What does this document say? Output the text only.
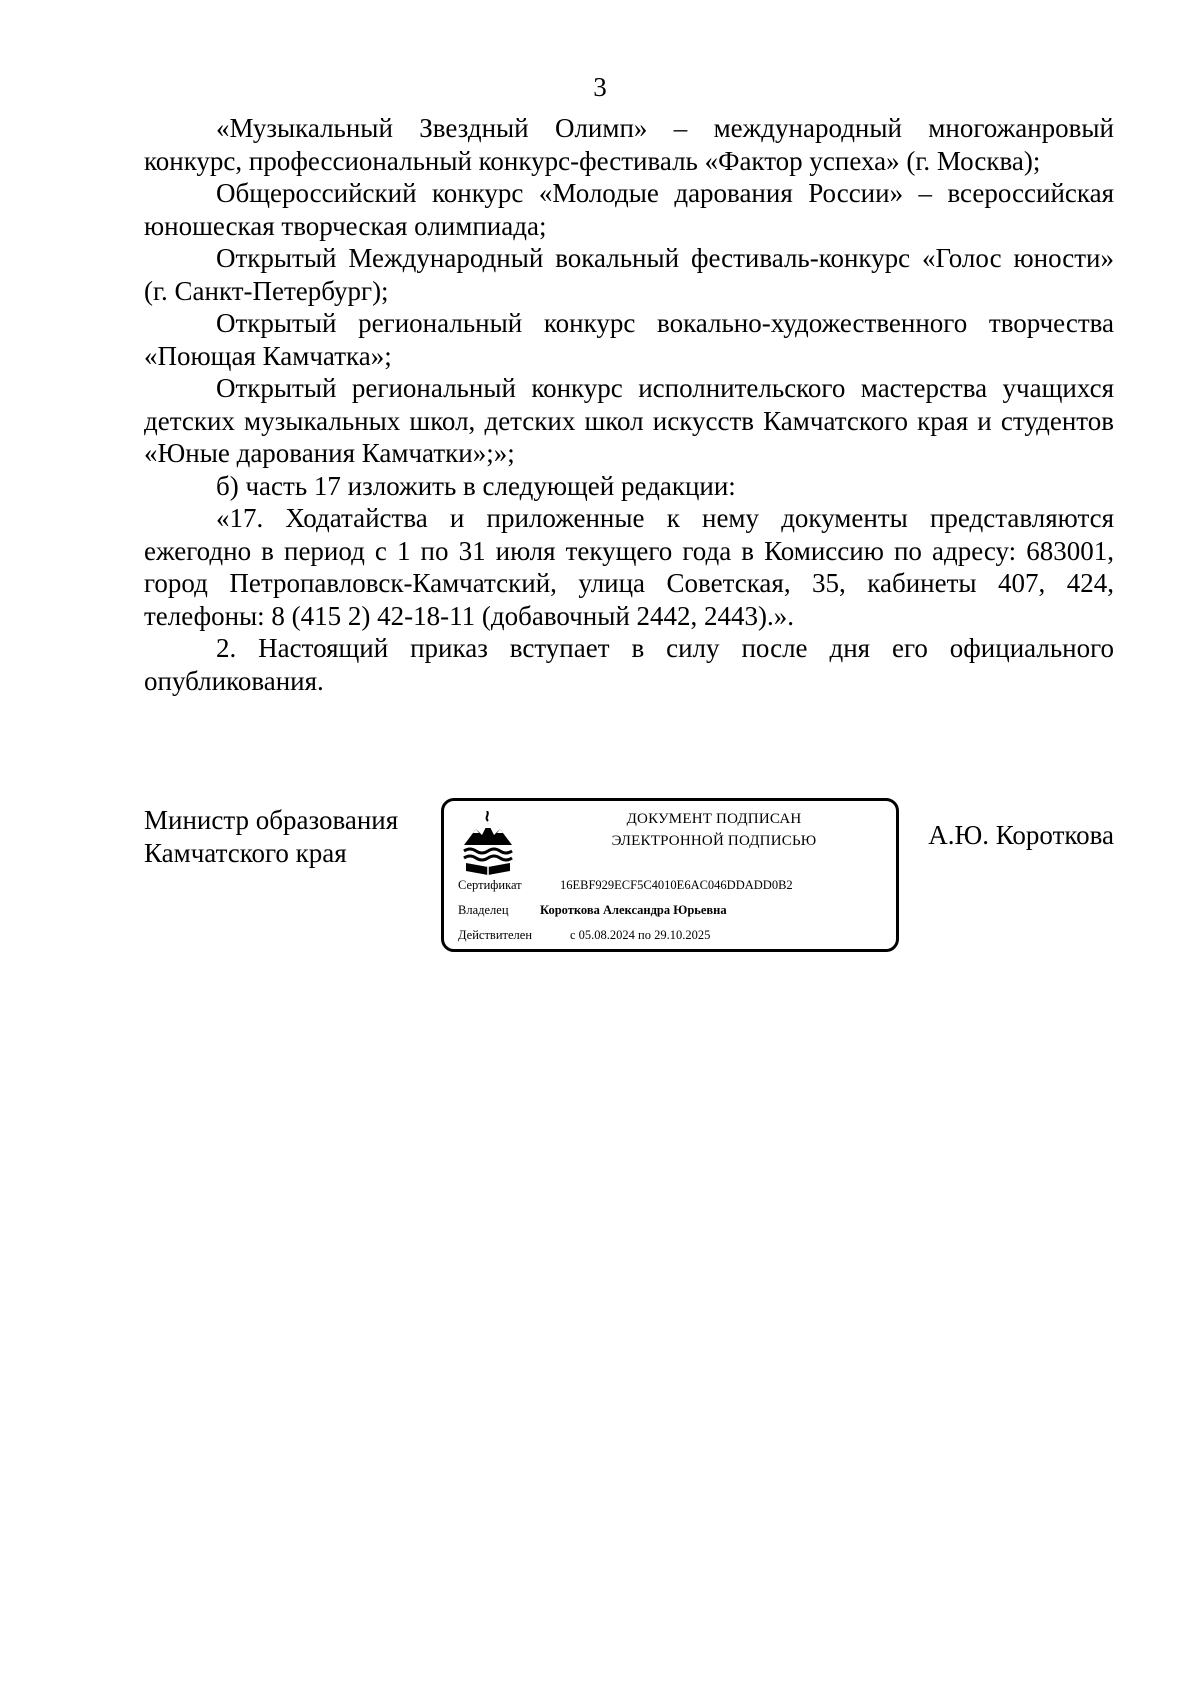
3

«Музыкальный Звездный Олимп» – международный многожанровый конкурс, профессиональный конкурс-фестиваль «Фактор успеха» (г. Москва);

Общероссийский конкурс «Молодые дарования России» – всероссийская юношеская творческая олимпиада;

Открытый Международный вокальный фестиваль-конкурс «Голос юности» (г. Санкт-Петербург);

Открытый региональный конкурс вокально-художественного творчества «Поющая Камчатка»;

Открытый региональный конкурс исполнительского мастерства учащихся детских музыкальных школ, детских школ искусств Камчатского края и студентов «Юные дарования Камчатки»;»;

б) часть 17 изложить в следующей редакции:

«17. Ходатайства и приложенные к нему документы представляются ежегодно в период с 1 по 31 июля текущего года в Комиссию по адресу: 683001, город Петропавловск-Камчатский, улица Советская, 35, кабинеты 407, 424, телефоны: 8 (415 2) 42-18-11 (добавочный 2442, 2443).».

2. Настоящий приказ вступает в силу после дня его официального опубликования.

Министр образования
Камчатского края
ДОКУМЕНТ ПОДПИСАН
ЭЛЕКТРОННОЙ ПОДПИСЬЮ
Сертификат	16EBF929ECF5C4010E6AC046DDADD0B2
Владелец	Короткова Александра Юрьевна
Действителен	с 05.08.2024 по 29.10.2025
А.Ю. Короткова
